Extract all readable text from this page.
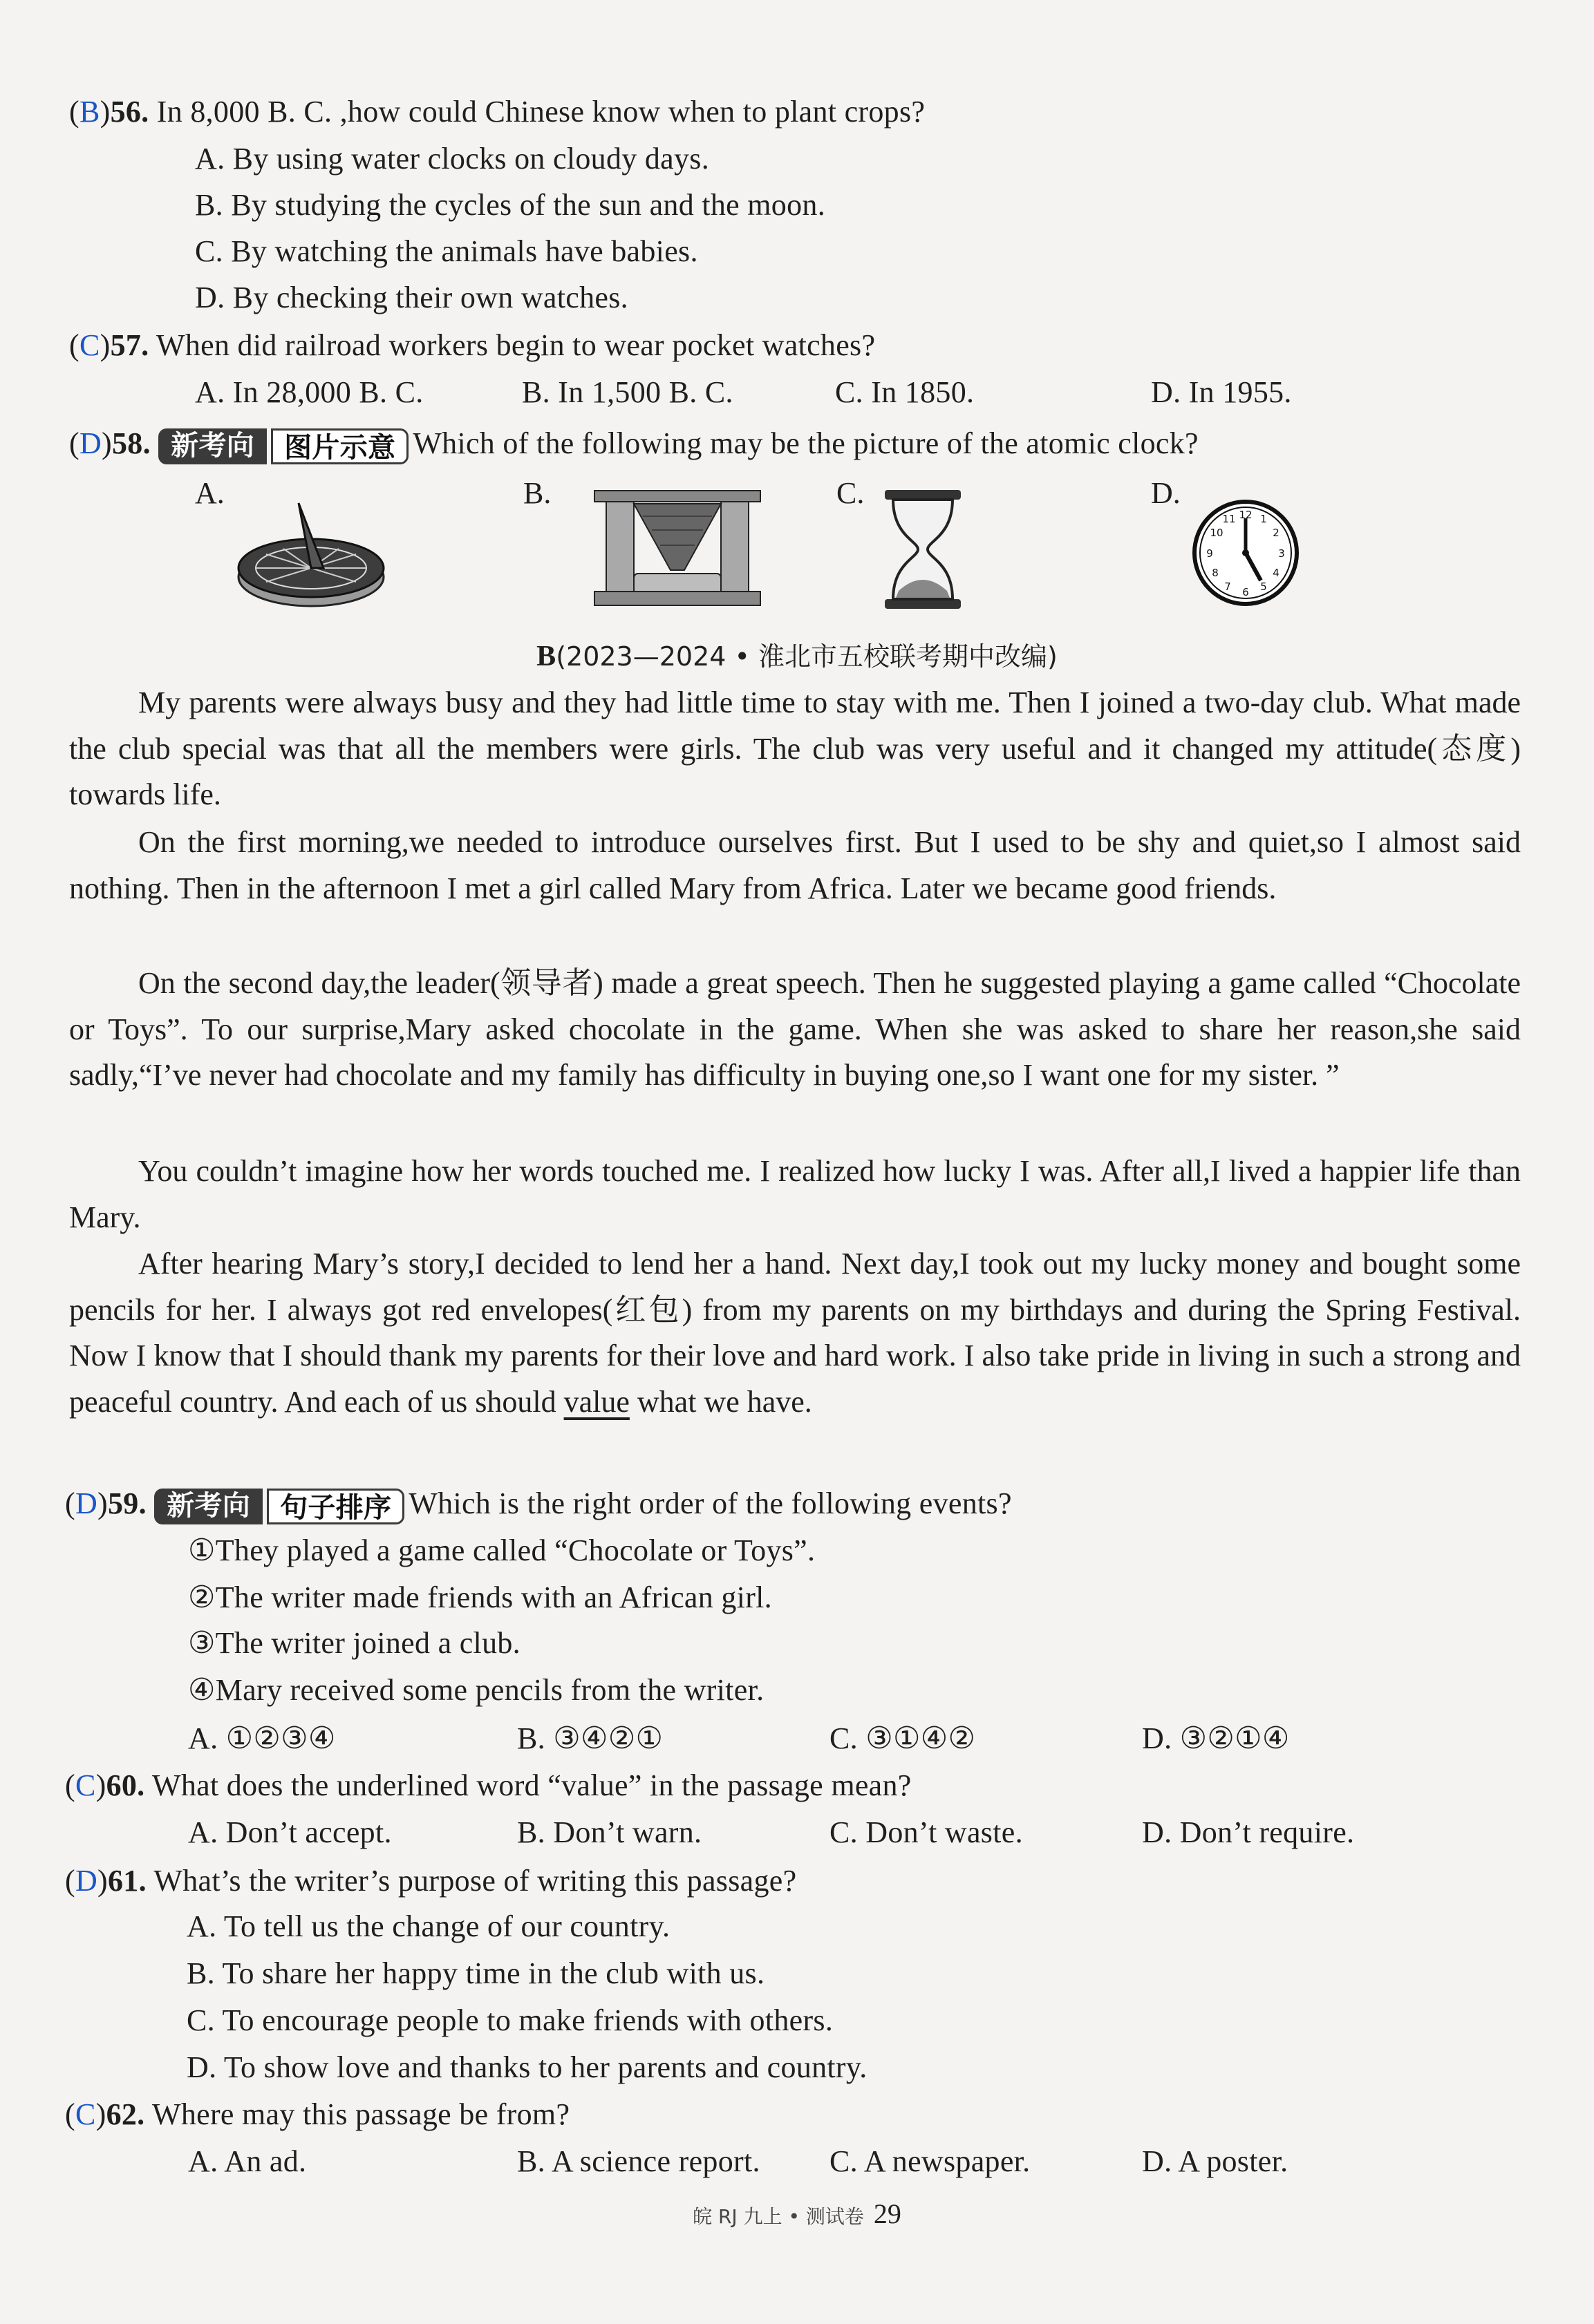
(B)56. In 8,000 B. C. ,how could Chinese know when to plant crops?
A. By using water clocks on cloudy days.
B. By studying the cycles of the sun and the moon.
C. By watching the animals have babies.
D. By checking their own watches.
(C)57. When did railroad workers begin to wear pocket watches?
A. In 28,000 B. C.	B. In 1,500 B. C.	C. In 1850.	D. In 1955.
(D)58. 新考向 图片示意 Which of the following may be the picture of the atomic clock?
A.	B.	C.	D.
12 1
2
3
4
5
6
7
8
9
10
11
B(2023—2024 • 淮北市五校联考期中改编)
My parents were always busy and they had little time to stay with me. Then I joined a two-day club. What made the club special was that all the members were girls. The club was very useful and it changed my attitude(态度) towards life.
On the first morning,we needed to introduce ourselves first. But I used to be shy and quiet,so I almost said nothing. Then in the afternoon I met a girl called Mary from Africa. Later we became good friends.
On the second day,the leader(领导者) made a great speech. Then he suggested playing a game called “Chocolate or Toys”. To our surprise,Mary asked chocolate in the game. When she was asked to share her reason,she said sadly,“I’ve never had chocolate and my family has difficulty in buying one,so I want one for my sister. ”
You couldn’t imagine how her words touched me. I realized how lucky I was. After all,I lived a happier life than Mary.
After hearing Mary’s story,I decided to lend her a hand. Next day,I took out my lucky money and bought some pencils for her. I always got red envelopes(红包) from my parents on my birthdays and during the Spring Festival. Now I know that I should thank my parents for their love and hard work. I also take pride in living in such a strong and peaceful country. And each of us should value what we have.
(D)59. 新考向 句子排序 Which is the right order of the following events?
①They played a game called “Chocolate or Toys”.
②The writer made friends with an African girl.
③The writer joined a club.
④Mary received some pencils from the writer.
A. ①②③④	B. ③④②①	C. ③①④②	D. ③②①④
(C)60. What does the underlined word “value” in the passage mean?
A. Don’t accept.	B. Don’t warn.	C. Don’t waste.	D. Don’t require.
(D)61. What’s the writer’s purpose of writing this passage?
A. To tell us the change of our country.
B. To share her happy time in the club with us.
C. To encourage people to make friends with others.
D. To show love and thanks to her parents and country.
(C)62. Where may this passage be from?
A. An ad.	B. A science report. C. A newspaper.	D. A poster.
皖 RJ 九上 • 测试卷 29
